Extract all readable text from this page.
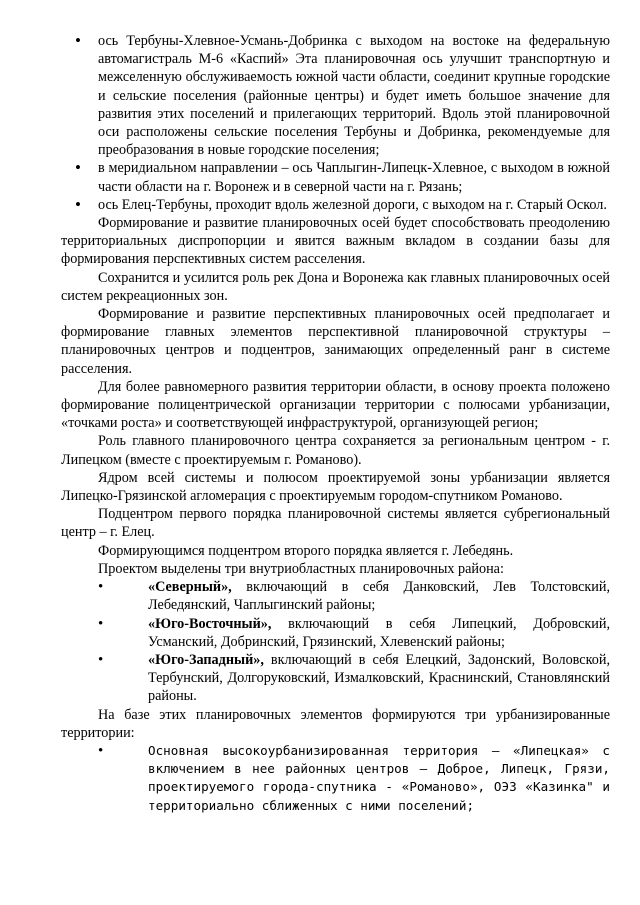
• ось Тербуны-Хлевное-Усмань-Добринка с выходом на востоке на федеральную автомагистраль М-6 «Каспий» Эта планировочная ось улучшит транспортную и межселенную обслуживаемость южной части области, соединит крупные городские и сельские поселения (районные центры) и будет иметь большое значение для развития этих поселений и прилегающих территорий. Вдоль этой планировочной оси расположены сельские поселения Тербуны и Добринка, рекомендуемые для преобразования в новые городские поселения;
• в меридиальном направлении – ось Чаплыгин-Липецк-Хлевное, с выходом в южной части области на г. Воронеж и в северной части на г. Рязань;
• ось Елец-Тербуны, проходит вдоль железной дороги, с выходом на г. Старый Оскол.

Формирование и развитие планировочных осей будет способствовать преодолению территориальных диспропорции и явится важным вкладом в создании базы для формирования перспективных систем расселения.

Сохранится и усилится роль рек Дона и Воронежа как главных планировочных осей систем рекреационных зон.

Формирование и развитие перспективных планировочных осей предполагает и формирование главных элементов перспективной планировочной структуры – планировочных центров и подцентров, занимающих определенный ранг в системе расселения.

Для более равномерного развития территории области, в основу проекта положено формирование полицентрической организации территории с полюсами урбанизации, «точками роста» и соответствующей инфраструктурой, организующей регион;

Роль главного планировочного центра сохраняется за региональным центром - г. Липецком (вместе с проектируемым г. Романово).

Ядром всей системы и полюсом проектируемой зоны урбанизации является Липецко-Грязинской агломерация с проектируемым городом-спутником Романово.

Подцентром первого порядка планировочной системы является субрегиональный центр – г. Елец.

Формирующимся подцентром второго порядка является г. Лебедянь.

Проектом выделены три внутриобластных планировочных района:

• «Северный», включающий в себя Данковский, Лев Толстовский, Лебедянский, Чаплыгинский районы;
• «Юго-Восточный», включающий в себя Липецкий, Добровский, Усманский, Добринский, Грязинский, Хлевенский районы;
• «Юго-Западный», включающий в себя Елецкий, Задонский, Воловской, Тербунский, Долгоруковский, Измалковский, Краснинский, Становлянский районы.

На базе этих планировочных элементов формируются три урбанизированные территории:

• Основная высокоурбанизированная территория – «Липецкая» с включением в нее районных центров – Доброе, Липецк, Грязи, проектируемого города-спутника - «Романово», ОЭЗ «Казинка" и территориально сближенных с ними поселений;
